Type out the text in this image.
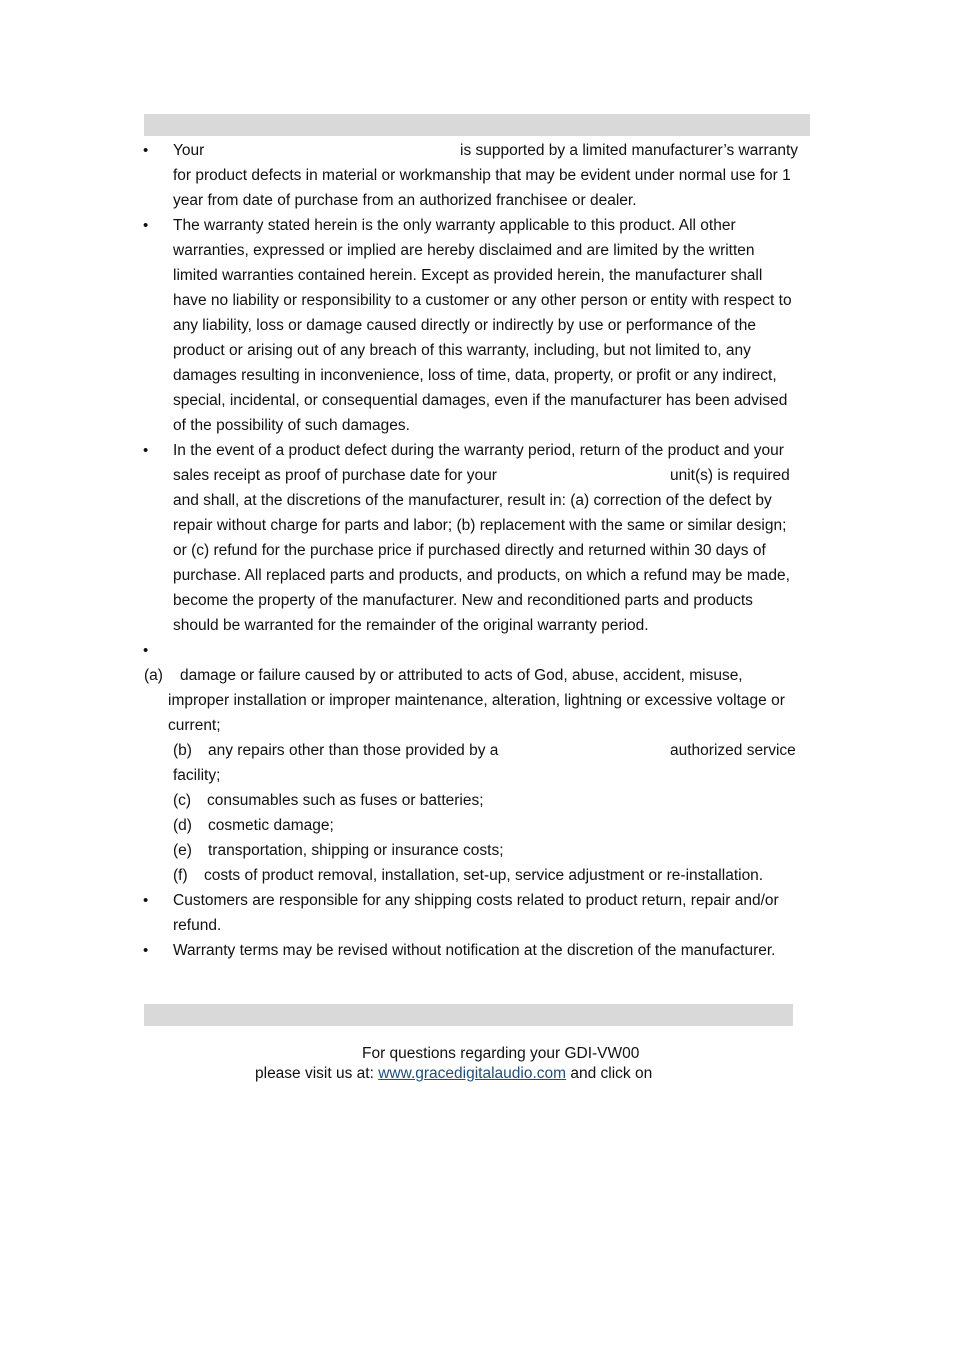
• Your	is supported by a limited manufacturer’s warranty
for product defects in material or workmanship that may be evident under normal use for 1
year from date of purchase from an authorized franchisee or dealer.
• The warranty stated herein is the only warranty applicable to this product. All other
warranties, expressed or implied are hereby disclaimed and are limited by the written
limited warranties contained herein. Except as provided herein, the manufacturer shall
have no liability or responsibility to a customer or any other person or entity with respect to
any liability, loss or damage caused directly or indirectly by use or performance of the
product or arising out of any breach of this warranty, including, but not limited to, any
damages resulting in inconvenience, loss of time, data, property, or profit or any indirect,
special, incidental, or consequential damages, even if the manufacturer has been advised
of the possibility of such damages.
• In the event of a product defect during the warranty period, return of the product and your
sales receipt as proof of purchase date for your	unit(s) is required
and shall, at the discretions of the manufacturer, result in: (a) correction of the defect by
repair without charge for parts and labor; (b) replacement with the same or similar design;
or (c) refund for the purchase price if purchased directly and returned within 30 days of
purchase. All replaced parts and products, and products, on which a refund may be made,
become the property of the manufacturer. New and reconditioned parts and products
should be warranted for the remainder of the original warranty period.
•
(a) damage or failure caused by or attributed to acts of God, abuse, accident, misuse,
improper installation or improper maintenance, alteration, lightning or excessive voltage or
current;
(b) any repairs other than those provided by a	authorized service
facility;
(c) consumables such as fuses or batteries;
(d) cosmetic damage;
(e) transportation, shipping or insurance costs;
(f) costs of product removal, installation, set-up, service adjustment or re-installation.
• Customers are responsible for any shipping costs related to product return, repair and/or
refund.
• Warranty terms may be revised without notification at the discretion of the manufacturer.
For questions regarding your GDI-VW00
please visit us at: www.gracedigitalaudio.com and click on
